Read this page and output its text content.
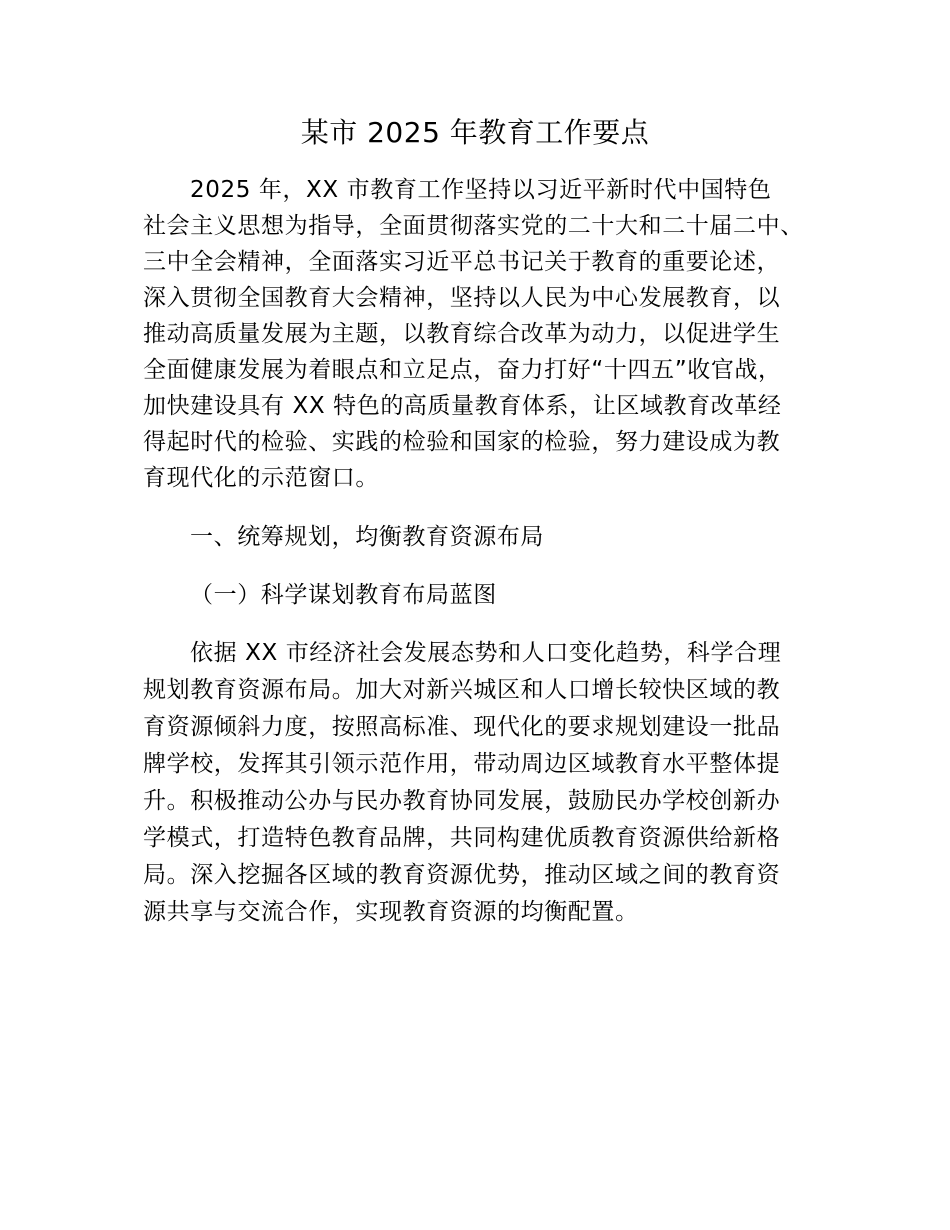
某市 2025 年教育工作要点
2025 年，XX 市教育工作坚持以习近平新时代中国特色
社会主义思想为指导，全面贯彻落实党的二十大和二十届二中、
三中全会精神，全面落实习近平总书记关于教育的重要论述，
深入贯彻全国教育大会精神，坚持以人民为中心发展教育，以
推动高质量发展为主题，以教育综合改革为动力，以促进学生
全面健康发展为着眼点和立足点，奋力打好“十四五”收官战，
加快建设具有 XX 特色的高质量教育体系，让区域教育改革经
得起时代的检验、实践的检验和国家的检验，努力建设成为教
育现代化的示范窗口。
一、统筹规划，均衡教育资源布局
（一）科学谋划教育布局蓝图
依据 XX 市经济社会发展态势和人口变化趋势，科学合理
规划教育资源布局。加大对新兴城区和人口增长较快区域的教
育资源倾斜力度，按照高标准、现代化的要求规划建设一批品
牌学校，发挥其引领示范作用，带动周边区域教育水平整体提
升。积极推动公办与民办教育协同发展，鼓励民办学校创新办
学模式，打造特色教育品牌，共同构建优质教育资源供给新格
局。深入挖掘各区域的教育资源优势，推动区域之间的教育资
源共享与交流合作，实现教育资源的均衡配置。
